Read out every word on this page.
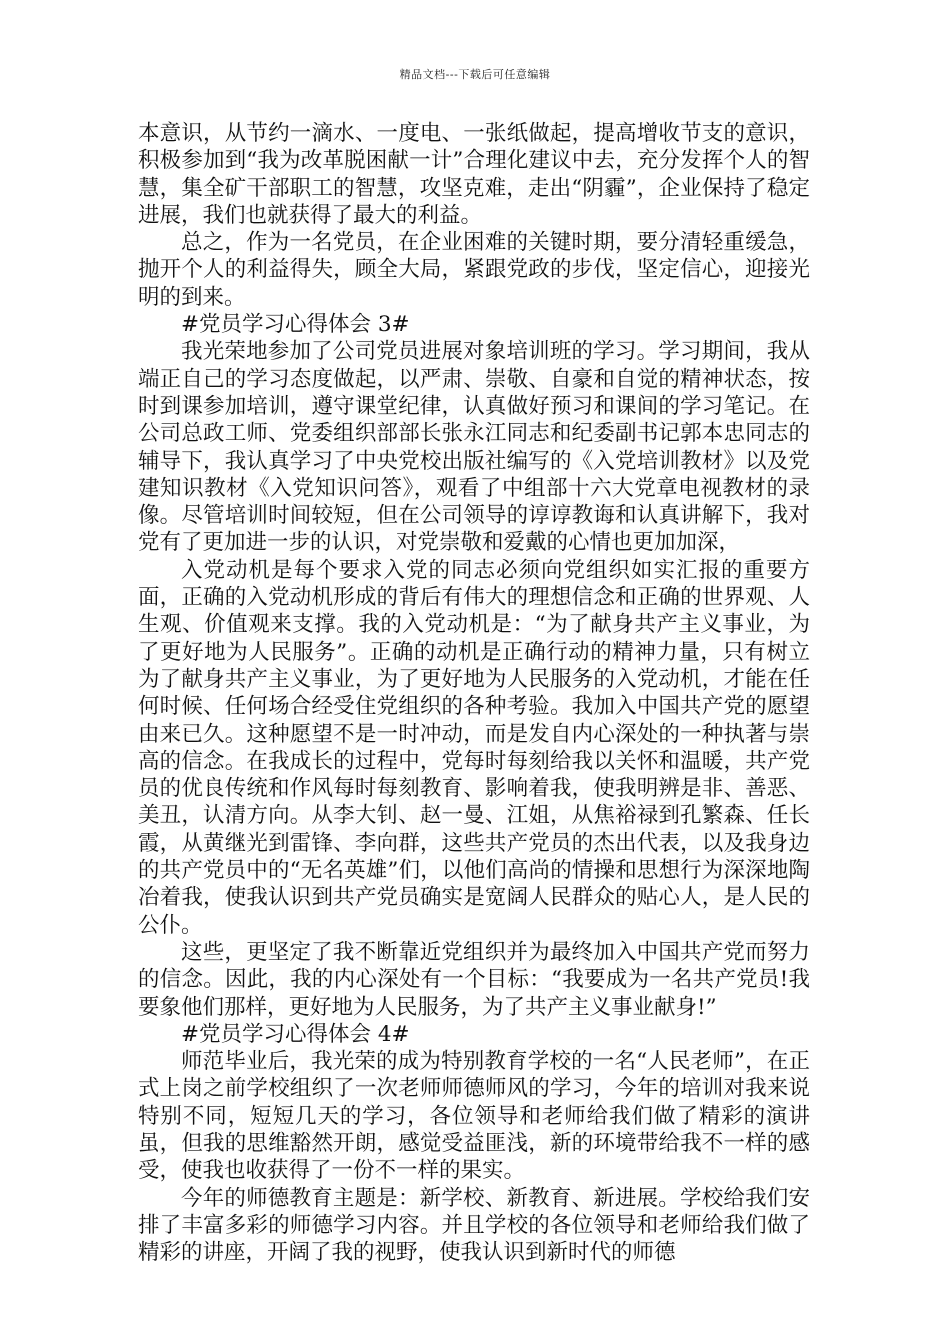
精品文档---下载后可任意编辑

本意识，从节约一滴水、一度电、一张纸做起，提高增收节支的意识，积极参加到“我为改革脱困献一计”合理化建议中去，充分发挥个人的智慧，集全矿干部职工的智慧，攻坚克难，走出“阴霾”，企业保持了稳定进展，我们也就获得了最大的利益。

总之，作为一名党员，在企业困难的关键时期，要分清轻重缓急，抛开个人的利益得失，顾全大局，紧跟党政的步伐，坚定信心，迎接光明的到来。

#党员学习心得体会 3#

我光荣地参加了公司党员进展对象培训班的学习。学习期间，我从端正自己的学习态度做起，以严肃、崇敬、自豪和自觉的精神状态，按时到课参加培训，遵守课堂纪律，认真做好预习和课间的学习笔记。在公司总政工师、党委组织部部长张永江同志和纪委副书记郭本忠同志的辅导下，我认真学习了中央党校出版社编写的《入党培训教材》以及党建知识教材《入党知识问答》，观看了中组部十六大党章电视教材的录像。尽管培训时间较短，但在公司领导的谆谆教诲和认真讲解下，我对党有了更加进一步的认识，对党崇敬和爱戴的心情也更加加深，

入党动机是每个要求入党的同志必须向党组织如实汇报的重要方面，正确的入党动机形成的背后有伟大的理想信念和正确的世界观、人生观、价值观来支撑。我的入党动机是：“为了献身共产主义事业，为了更好地为人民服务”。正确的动机是正确行动的精神力量，只有树立为了献身共产主义事业，为了更好地为人民服务的入党动机，才能在任何时候、任何场合经受住党组织的各种考验。我加入中国共产党的愿望由来已久。这种愿望不是一时冲动，而是发自内心深处的一种执著与崇高的信念。在我成长的过程中，党每时每刻给我以关怀和温暖，共产党员的优良传统和作风每时每刻教育、影响着我，使我明辨是非、善恶、美丑，认清方向。从李大钊、赵一曼、江姐，从焦裕禄到孔繁森、任长霞，从黄继光到雷锋、李向群，这些共产党员的杰出代表，以及我身边的共产党员中的“无名英雄”们，以他们高尚的情操和思想行为深深地陶冶着我，使我认识到共产党员确实是宽阔人民群众的贴心人，是人民的公仆。

这些，更坚定了我不断靠近党组织并为最终加入中国共产党而努力的信念。因此，我的内心深处有一个目标：“我要成为一名共产党员!我要象他们那样，更好地为人民服务，为了共产主义事业献身!”

#党员学习心得体会 4#

师范毕业后，我光荣的成为特别教育学校的一名“人民老师”，在正式上岗之前学校组织了一次老师师德师风的学习，今年的培训对我来说特别不同，短短几天的学习，各位领导和老师给我们做了精彩的演讲虽，但我的思维豁然开朗，感觉受益匪浅，新的环境带给我不一样的感受，使我也收获得了一份不一样的果实。

今年的师德教育主题是：新学校、新教育、新进展。学校给我们安排了丰富多彩的师德学习内容。并且学校的各位领导和老师给我们做了精彩的讲座，开阔了我的视野，使我认识到新时代的师德
